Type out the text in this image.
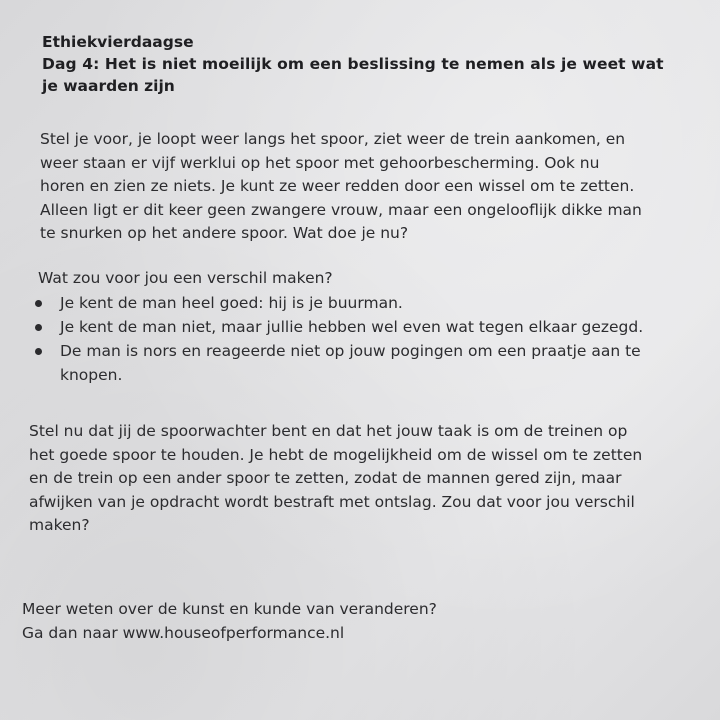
Ethiekvierdaagse
Dag 4: Het is niet moeilijk om een beslissing te nemen als je weet wat
je waarden zijn
Stel je voor, je loopt weer langs het spoor, ziet weer de trein aankomen, en
weer staan er vijf werklui op het spoor met gehoorbescherming. Ook nu
horen en zien ze niets. Je kunt ze weer redden door een wissel om te zetten.
Alleen ligt er dit keer geen zwangere vrouw, maar een ongelooflijk dikke man
te snurken op het andere spoor. Wat doe je nu?
Wat zou voor jou een verschil maken?
Je kent de man heel goed: hij is je buurman.
Je kent de man niet, maar jullie hebben wel even wat tegen elkaar gezegd.
De man is nors en reageerde niet op jouw pogingen om een praatje aan te
knopen.
Stel nu dat jij de spoorwachter bent en dat het jouw taak is om de treinen op
het goede spoor te houden. Je hebt de mogelijkheid om de wissel om te zetten
en de trein op een ander spoor te zetten, zodat de mannen gered zijn, maar
afwijken van je opdracht wordt bestraft met ontslag. Zou dat voor jou verschil
maken?
Meer weten over de kunst en kunde van veranderen?
Ga dan naar www.houseofperformance.nl
